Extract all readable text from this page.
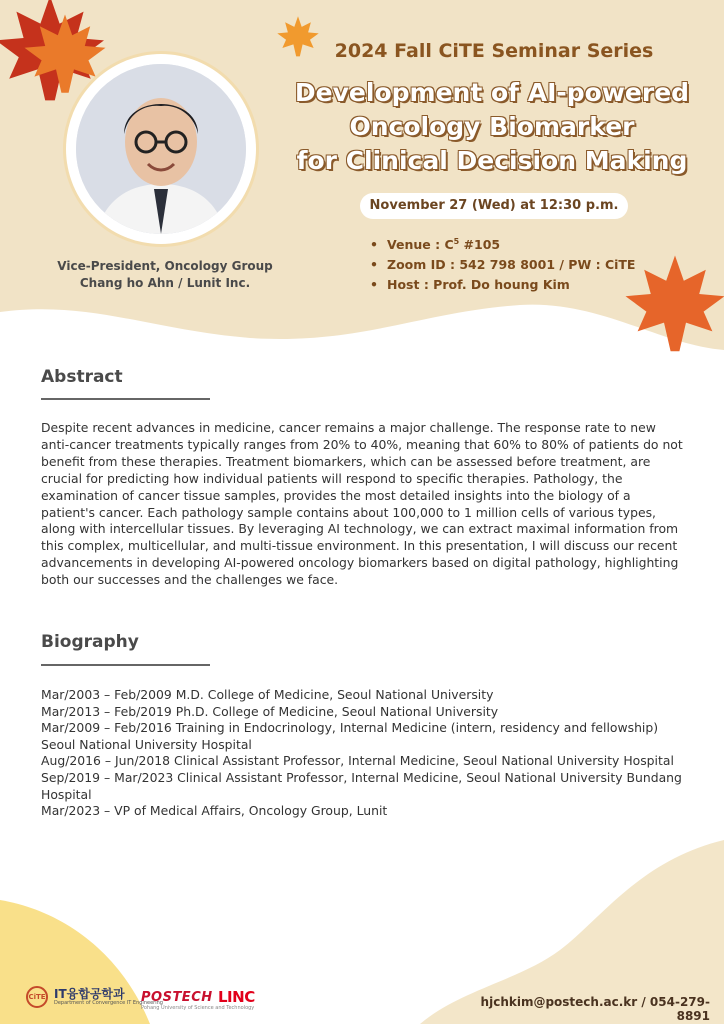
Vice-President, Oncology Group
Chang ho Ahn / Lunit Inc.
2024 Fall CiTE Seminar Series
Development of AI-powered
Oncology Biomarker
for Clinical Decision Making
November 27 (Wed) at 12:30 p.m.
• Venue : $C^5$ #105
• Zoom ID : 542 798 8001 / PW : CiTE
• Host : Prof. Do houng Kim
Abstract

Despite recent advances in medicine, cancer remains a major challenge. The response rate to new anti-cancer treatments typically ranges from 20% to 40%, meaning that 60% to 80% of patients do not benefit from these therapies. Treatment biomarkers, which can be assessed before treatment, are crucial for predicting how individual patients will respond to specific therapies. Pathology, the examination of cancer tissue samples, provides the most detailed insights into the biology of a patient's cancer. Each pathology sample contains about 100,000 to 1 million cells of various types, along with intercellular tissues. By leveraging AI technology, we can extract maximal information from this complex, multicellular, and multi-tissue environment. In this presentation, I will discuss our recent advancements in developing AI-powered oncology biomarkers based on digital pathology, highlighting both our successes and the challenges we face.

Biography
Mar/2003 – Feb/2009 M.D. College of Medicine, Seoul National University
Mar/2013 – Feb/2019 Ph.D. College of Medicine, Seoul National University
Mar/2009 – Feb/2016 Training in Endocrinology, Internal Medicine (intern, residency and fellowship) Seoul National University Hospital
Aug/2016 – Jun/2018 Clinical Assistant Professor, Internal Medicine, Seoul National University Hospital
Sep/2019 – Mar/2023 Clinical Assistant Professor, Internal Medicine, Seoul National University Bundang Hospital
Mar/2023 – VP of Medical Affairs, Oncology Group, Lunit
CiTE IT융합공학과
Department of Convergence IT Engineering
POSTECH LINC
Pohang University of Science and Technology	hjchkim@postech.ac.kr / 054-279-8891
